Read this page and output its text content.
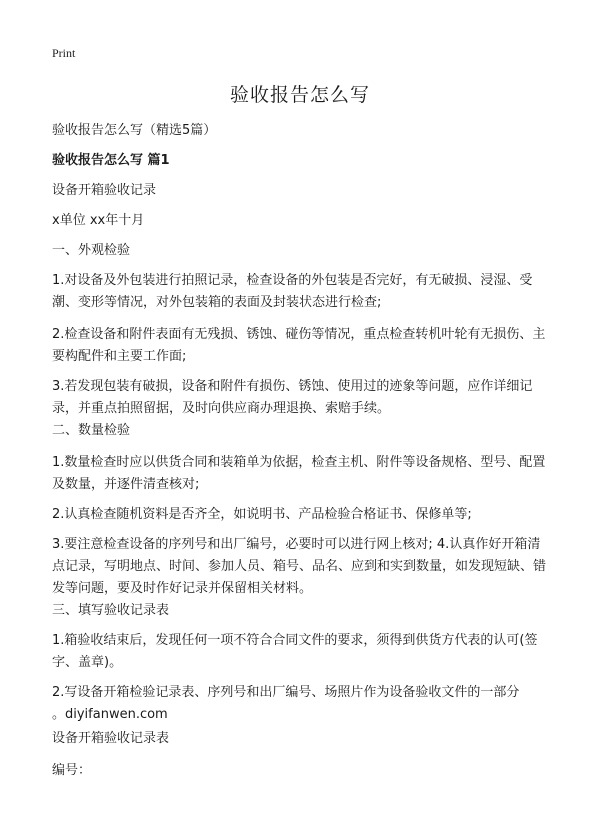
Print
验收报告怎么写

验收报告怎么写（精选5篇）

验收报告怎么写 篇1

设备开箱验收记录

x单位 xx年十月

一、外观检验

1.对设备及外包装进行拍照记录，检查设备的外包装是否完好，有无破损、浸湿、受潮、变形等情况，对外包装箱的表面及封装状态进行检查;

2.检查设备和附件表面有无残损、锈蚀、碰伤等情况，重点检查转机叶轮有无损伤、主要构配件和主要工作面;

3.若发现包装有破损，设备和附件有损伤、锈蚀、使用过的迹象等问题，应作详细记录，并重点拍照留据，及时向供应商办理退换、索赔手续。

二、数量检验

1.数量检查时应以供货合同和装箱单为依据，检查主机、附件等设备规格、型号、配置及数量，并逐件清查核对;

2.认真检查随机资料是否齐全，如说明书、产品检验合格证书、保修单等;

3.要注意检查设备的序列号和出厂编号，必要时可以进行网上核对; 4.认真作好开箱清点记录，写明地点、时间、参加人员、箱号、品名、应到和实到数量，如发现短缺、错发等问题，要及时作好记录并保留相关材料。

三、填写验收记录表

1.箱验收结束后，发现任何一项不符合合同文件的要求，须得到供货方代表的认可(签字、盖章)。

2.写设备开箱检验记录表、序列号和出厂编号、场照片作为设备验收文件的一部分

。diyifanwen.com

设备开箱验收记录表

编号：
